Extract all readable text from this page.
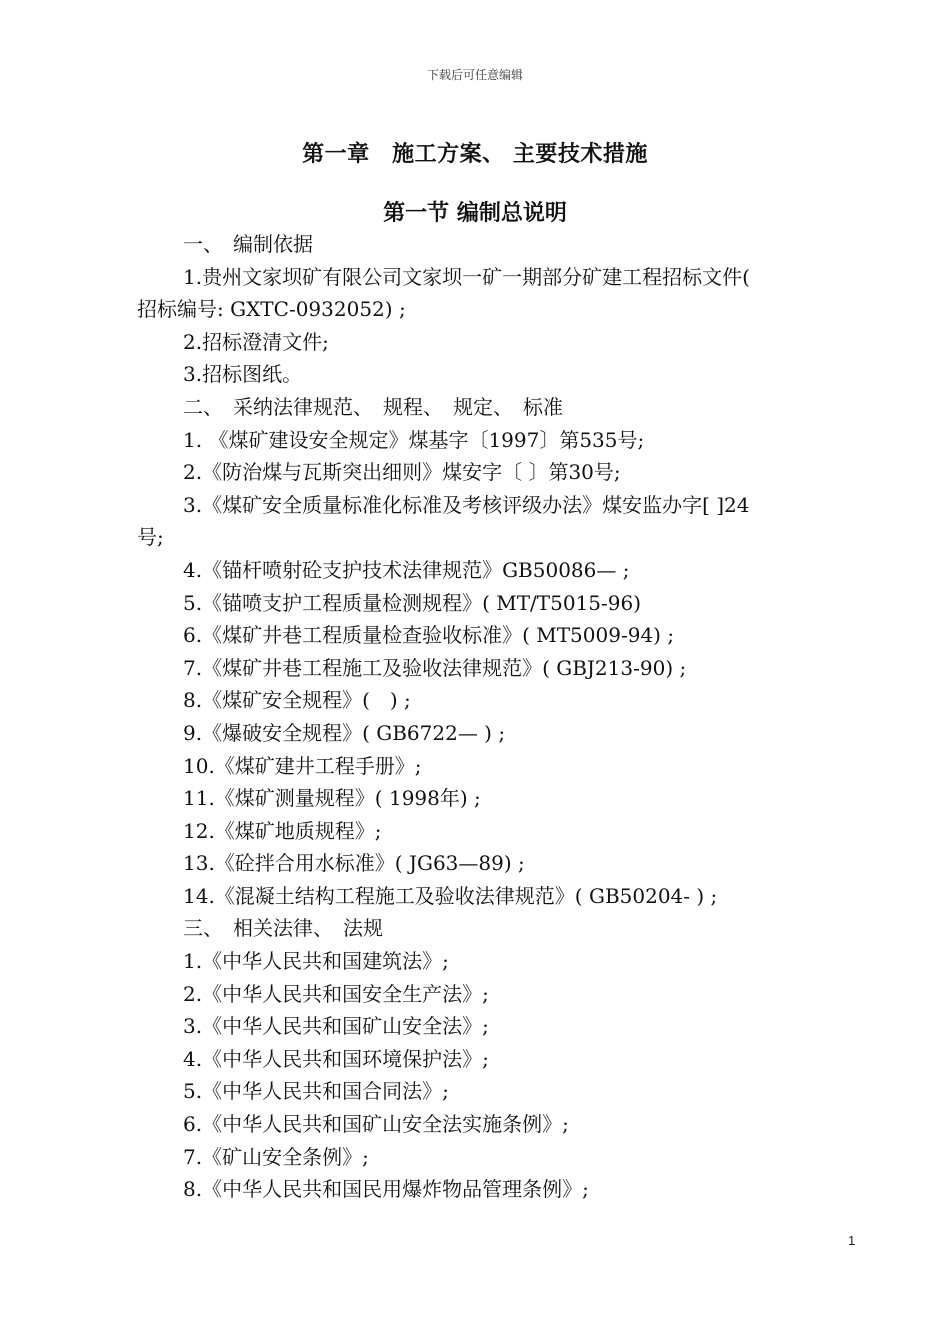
下载后可任意编辑
第一章　施工方案、 主要技术措施
第一节 编制总说明
一、　编制依据
1.贵州文家坝矿有限公司文家坝一矿一期部分矿建工程招标文件(
招标编号: GXTC-0932052) ;
2.招标澄清文件;
3.招标图纸。
二、　采纳法律规范、　规程、　规定、　标准
1. 《煤矿建设安全规定》煤基字〔1997〕第535号;
2.《防治煤与瓦斯突出细则》煤安字〔 〕第30号;
3.《煤矿安全质量标准化标准及考核评级办法》煤安监办字[ ]24
号;
4.《锚杆喷射砼支护技术法律规范》GB50086— ;
5.《锚喷支护工程质量检测规程》( MT/T5015-96)
6.《煤矿井巷工程质量检查验收标准》( MT5009-94) ;
7.《煤矿井巷工程施工及验收法律规范》( GBJ213-90) ;
8.《煤矿安全规程》(　) ;
9.《爆破安全规程》( GB6722— ) ;
10.《煤矿建井工程手册》;
11.《煤矿测量规程》( 1998年) ;
12.《煤矿地质规程》;
13.《砼拌合用水标准》( JG63—89) ;
14.《混凝土结构工程施工及验收法律规范》( GB50204- ) ;
三、　相关法律、　法规
1.《中华人民共和国建筑法》;
2.《中华人民共和国安全生产法》;
3.《中华人民共和国矿山安全法》;
4.《中华人民共和国环境保护法》;
5.《中华人民共和国合同法》;
6.《中华人民共和国矿山安全法实施条例》;
7.《矿山安全条例》;
8.《中华人民共和国民用爆炸物品管理条例》;
1
